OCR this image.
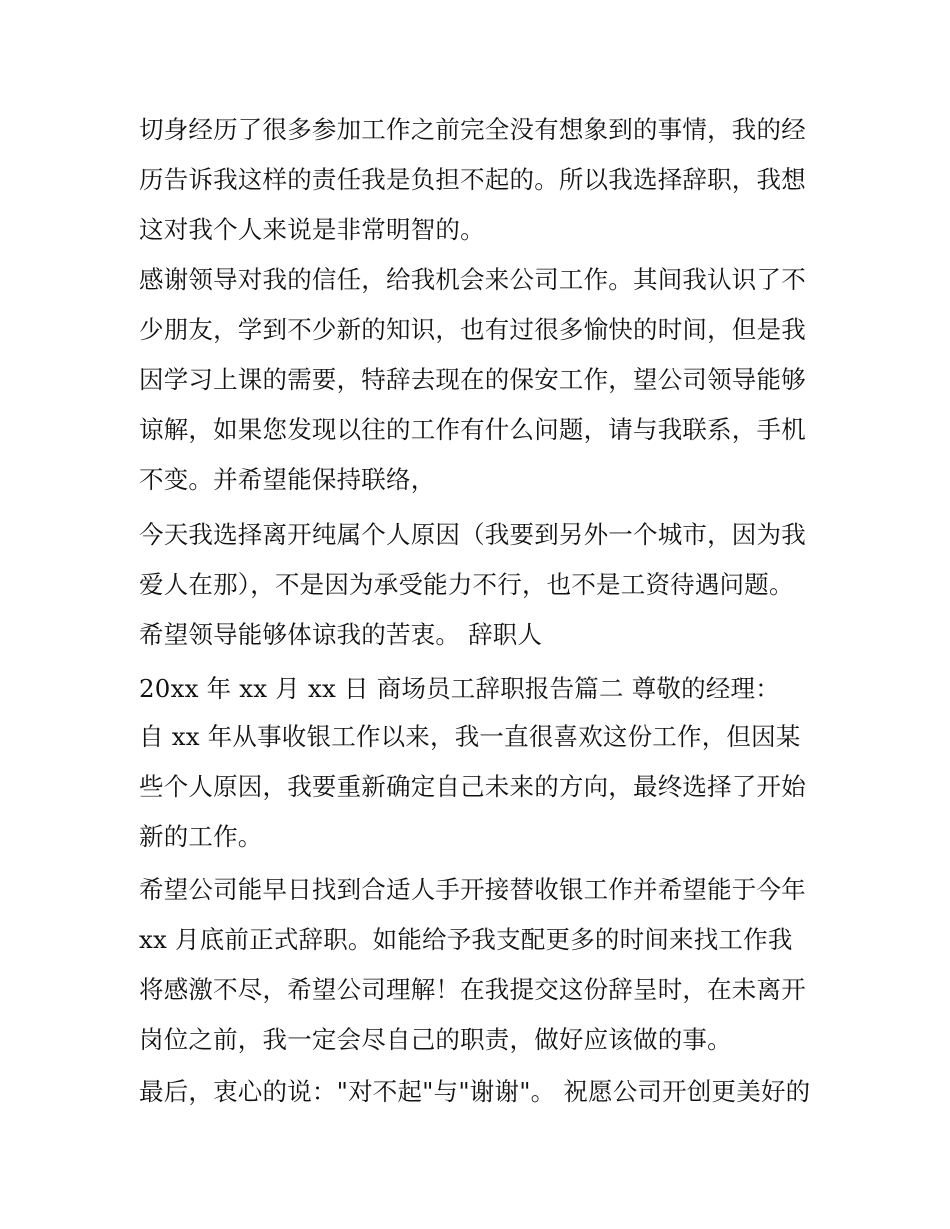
切身经历了很多参加工作之前完全没有想象到的事情，我的经
历告诉我这样的责任我是负担不起的。所以我选择辞职，我想
这对我个人来说是非常明智的。
感谢领导对我的信任，给我机会来公司工作。其间我认识了不
少朋友，学到不少新的知识，也有过很多愉快的时间，但是我
因学习上课的需要，特辞去现在的保安工作，望公司领导能够
谅解，如果您发现以往的工作有什么问题，请与我联系，手机
不变。并希望能保持联络，
今天我选择离开纯属个人原因（我要到另外一个城市，因为我
爱人在那），不是因为承受能力不行，也不是工资待遇问题。
希望领导能够体谅我的苦衷。 辞职人
20xx 年 xx 月 xx 日 商场员工辞职报告篇二 尊敬的经理：
自 xx 年从事收银工作以来，我一直很喜欢这份工作，但因某
些个人原因，我要重新确定自己未来的方向，最终选择了开始
新的工作。
希望公司能早日找到合适人手开接替收银工作并希望能于今年
xx 月底前正式辞职。如能给予我支配更多的时间来找工作我
将感激不尽，希望公司理解！在我提交这份辞呈时，在未离开
岗位之前，我一定会尽自己的职责，做好应该做的事。
最后，衷心的说："对不起"与"谢谢"。 祝愿公司开创更美好的
